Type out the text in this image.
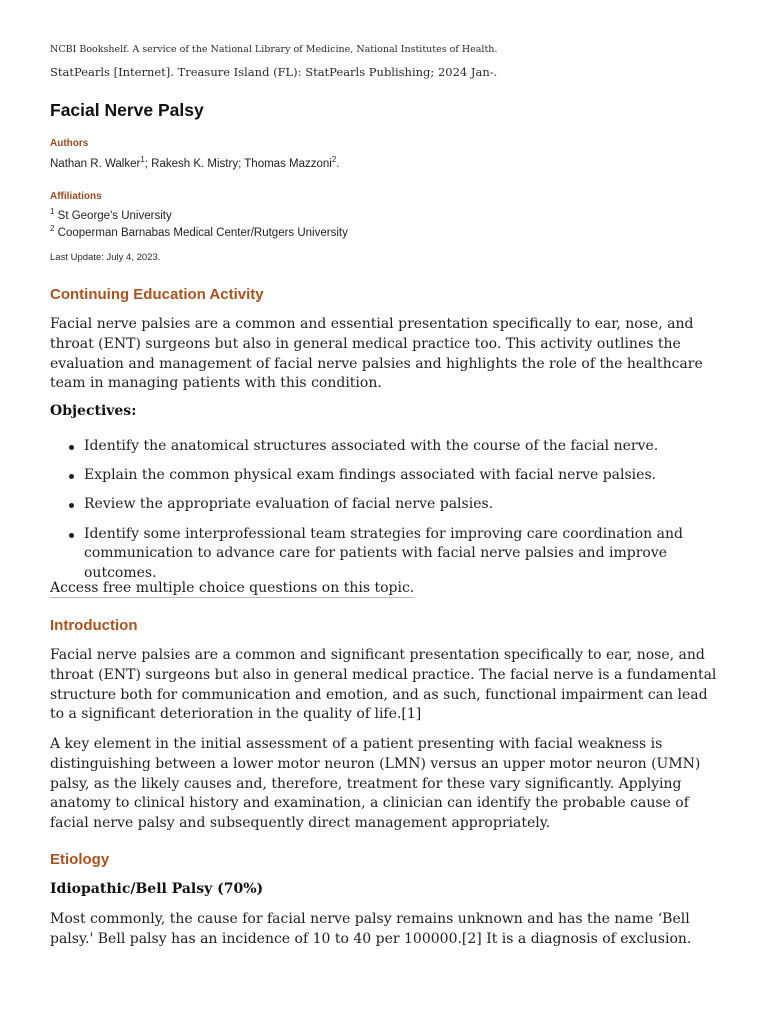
NCBI Bookshelf. A service of the National Library of Medicine, National Institutes of Health.
StatPearls [Internet]. Treasure Island (FL): StatPearls Publishing; 2024 Jan-.
Facial Nerve Palsy
Authors
Nathan R. Walker$^1$; Rakesh K. Mistry; Thomas Mazzoni$^2$.
Affiliations
$^1$ St George's University
$^2$ Cooperman Barnabas Medical Center/Rutgers University
Last Update: July 4, 2023.
Continuing Education Activity

Facial nerve palsies are a common and essential presentation specifically to ear, nose, and throat (ENT) surgeons but also in general medical practice too. This activity outlines the evaluation and management of facial nerve palsies and highlights the role of the healthcare team in managing patients with this condition.

Objectives:

Identify the anatomical structures associated with the course of the facial nerve.
Explain the common physical exam findings associated with facial nerve palsies.
Review the appropriate evaluation of facial nerve palsies.
Identify some interprofessional team strategies for improving care coordination and communication to advance care for patients with facial nerve palsies and improve outcomes.
Access free multiple choice questions on this topic.
Introduction

Facial nerve palsies are a common and significant presentation specifically to ear, nose, and throat (ENT) surgeons but also in general medical practice. The facial nerve is a fundamental structure both for communication and emotion, and as such, functional impairment can lead to a significant deterioration in the quality of life.[1]

A key element in the initial assessment of a patient presenting with facial weakness is distinguishing between a lower motor neuron (LMN) versus an upper motor neuron (UMN) palsy, as the likely causes and, therefore, treatment for these vary significantly. Applying anatomy to clinical history and examination, a clinician can identify the probable cause of facial nerve palsy and subsequently direct management appropriately.

Etiology

Idiopathic/Bell Palsy (70%)

Most commonly, the cause for facial nerve palsy remains unknown and has the name ‘Bell palsy.' Bell palsy has an incidence of 10 to 40 per 100000.[2] It is a diagnosis of exclusion.
